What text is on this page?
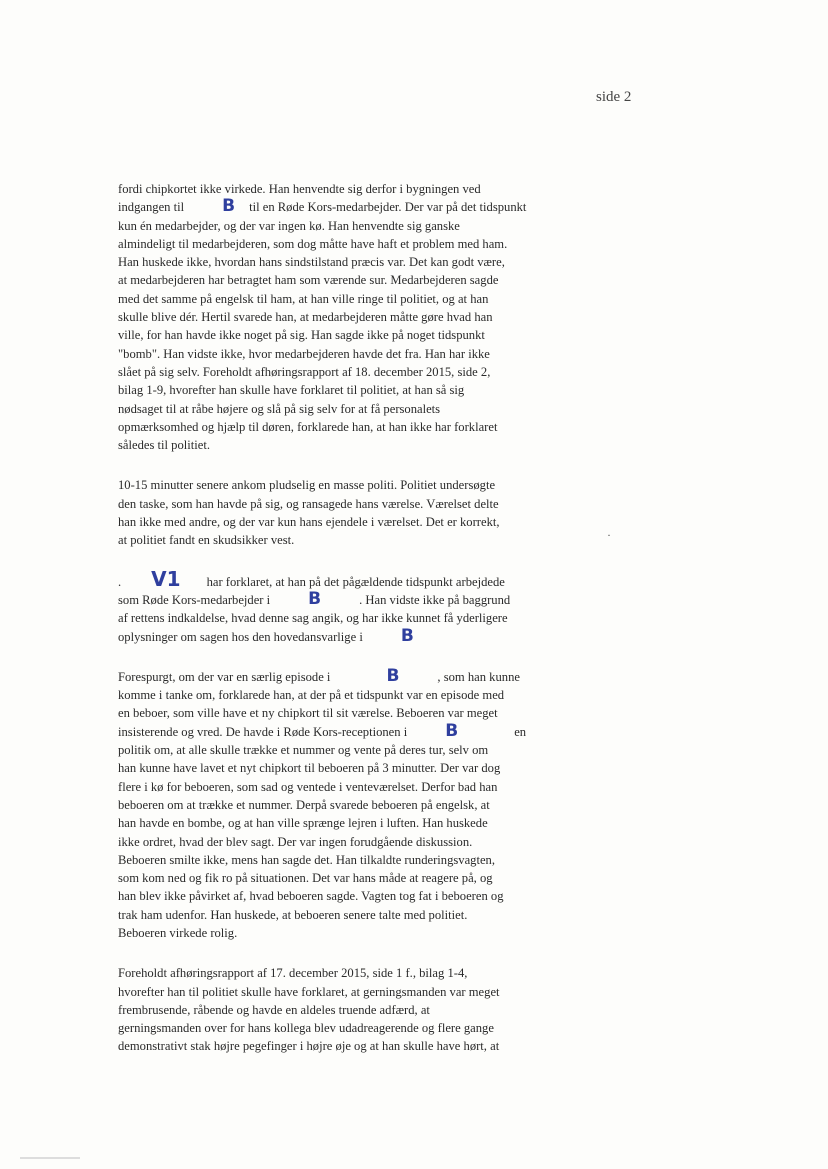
side 2

fordi chipkortet ikke virkede. Han henvendte sig derfor i bygningen ved
indgangen til B til en Røde Kors-medarbejder. Der var på det tidspunkt
kun én medarbejder, og der var ingen kø. Han henvendte sig ganske
almindeligt til medarbejderen, som dog måtte have haft et problem med ham.
Han huskede ikke, hvordan hans sindstilstand præcis var. Det kan godt være,
at medarbejderen har betragtet ham som værende sur. Medarbejderen sagde
med det samme på engelsk til ham, at han ville ringe til politiet, og at han
skulle blive dér. Hertil svarede han, at medarbejderen måtte gøre hvad han
ville, for han havde ikke noget på sig. Han sagde ikke på noget tidspunkt
"bomb". Han vidste ikke, hvor medarbejderen havde det fra. Han har ikke
slået på sig selv. Foreholdt afhøringsrapport af 18. december 2015, side 2,
bilag 1-9, hvorefter han skulle have forklaret til politiet, at han så sig
nødsaget til at råbe højere og slå på sig selv for at få personalets
opmærksomhed og hjælp til døren, forklarede han, at han ikke har forklaret
således til politiet.

10-15 minutter senere ankom pludselig en masse politi. Politiet undersøgte
den taske, som han havde på sig, og ransagede hans værelse. Værelset delte
han ikke med andre, og der var kun hans ejendele i værelset. Det er korrekt,
at politiet fandt en skudsikker vest.

. V1 har forklaret, at han på det pågældende tidspunkt arbejdede
som Røde Kors-medarbejder i B	. Han vidste ikke på baggrund
af rettens indkaldelse, hvad denne sag angik, og har ikke kunnet få yderligere
oplysninger om sagen hos den hovedansvarlige i B

Forespurgt, om der var en særlig episode i	B	, som han kunne
komme i tanke om, forklarede han, at der på et tidspunkt var en episode med
en beboer, som ville have et ny chipkort til sit værelse. Beboeren var meget
insisterende og vred. De havde i Røde Kors-receptionen i B	en
politik om, at alle skulle trække et nummer og vente på deres tur, selv om
han kunne have lavet et nyt chipkort til beboeren på 3 minutter. Der var dog
flere i kø for beboeren, som sad og ventede i venteværelset. Derfor bad han
beboeren om at trække et nummer. Derpå svarede beboeren på engelsk, at
han havde en bombe, og at han ville sprænge lejren i luften. Han huskede
ikke ordret, hvad der blev sagt. Der var ingen forudgående diskussion.
Beboeren smilte ikke, mens han sagde det. Han tilkaldte runderingsvagten,
som kom ned og fik ro på situationen. Det var hans måde at reagere på, og
han blev ikke påvirket af, hvad beboeren sagde. Vagten tog fat i beboeren og
trak ham udenfor. Han huskede, at beboeren senere talte med politiet.
Beboeren virkede rolig.

Foreholdt afhøringsrapport af 17. december 2015, side 1 f., bilag 1-4,
hvorefter han til politiet skulle have forklaret, at gerningsmanden var meget
frembrusende, råbende og havde en aldeles truende adfærd, at
gerningsmanden over for hans kollega blev udadreagerende og flere gange
demonstrativt stak højre pegefinger i højre øje og at han skulle have hørt, at

·
